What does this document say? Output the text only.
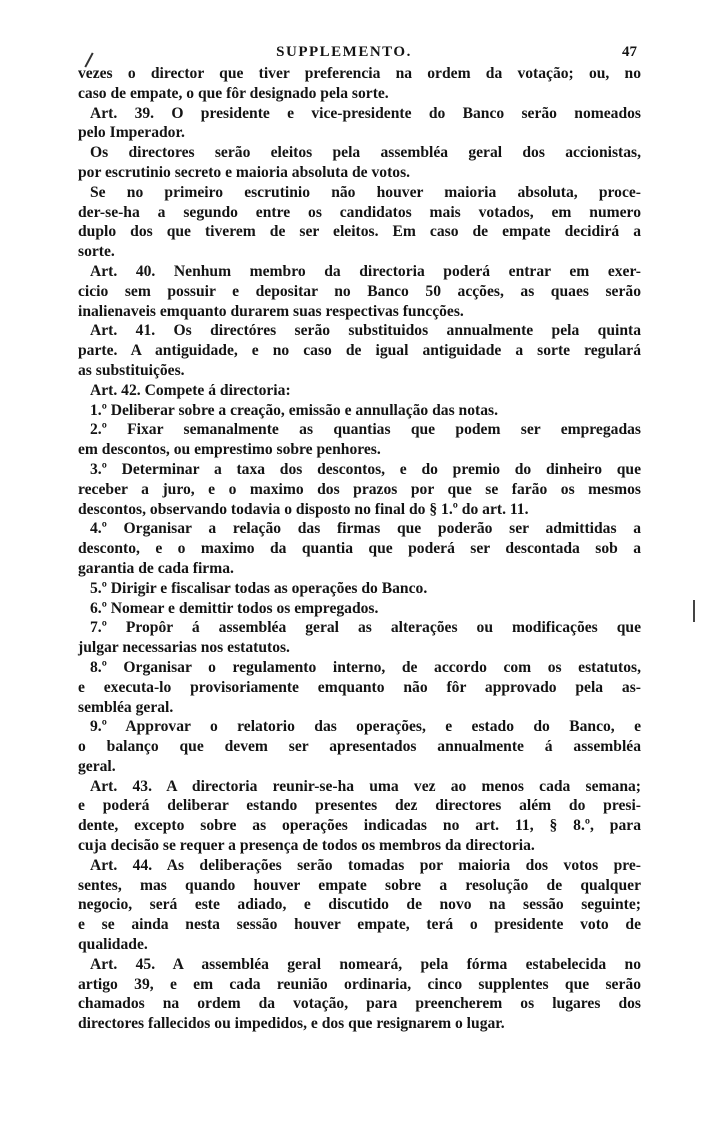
SUPPLEMENTO.	47
vezes o director que tiver preferencia na ordem da votação; ou, no
caso de empate, o que fôr designado pela sorte.
Art. 39. O presidente e vice-presidente do Banco serão nomeados
pelo Imperador.
Os directores serão eleitos pela assembléa geral dos accionistas,
por escrutinio secreto e maioria absoluta de votos.
Se no primeiro escrutinio não houver maioria absoluta, proce-
der-se-ha a segundo entre os candidatos mais votados, em numero
duplo dos que tiverem de ser eleitos. Em caso de empate decidirá a
sorte.
Art. 40. Nenhum membro da directoria poderá entrar em exer-
cicio sem possuir e depositar no Banco 50 acções, as quaes serão
inalienaveis emquanto durarem suas respectivas funcções.
Art. 41. Os directóres serão substituidos annualmente pela quinta
parte. A antiguidade, e no caso de igual antiguidade a sorte regulará
as substituições.
Art. 42. Compete á directoria:
1.º Deliberar sobre a creação, emissão e annullação das notas.
2.º Fixar semanalmente as quantias que podem ser empregadas
em descontos, ou emprestimo sobre penhores.
3.º Determinar a taxa dos descontos, e do premio do dinheiro que
receber a juro, e o maximo dos prazos por que se farão os mesmos
descontos, observando todavia o disposto no final do § 1.º do art. 11.
4.º Organisar a relação das firmas que poderão ser admittidas a
desconto, e o maximo da quantia que poderá ser descontada sob a
garantia de cada firma.
5.º Dirigir e fiscalisar todas as operações do Banco.
6.º Nomear e demittir todos os empregados.
7.º Propôr á assembléa geral as alterações ou modificações que
julgar necessarias nos estatutos.
8.º Organisar o regulamento interno, de accordo com os estatutos,
e executa-lo provisoriamente emquanto não fôr approvado pela as-
sembléa geral.
9.º Approvar o relatorio das operações, e estado do Banco, e
o balanço que devem ser apresentados annualmente á assembléa
geral.
Art. 43. A directoria reunir-se-ha uma vez ao menos cada semana;
e poderá deliberar estando presentes dez directores além do presi-
dente, excepto sobre as operações indicadas no art. 11, § 8.º, para
cuja decisão se requer a presença de todos os membros da directoria.
Art. 44. As deliberações serão tomadas por maioria dos votos pre-
sentes, mas quando houver empate sobre a resolução de qualquer
negocio, será este adiado, e discutido de novo na sessão seguinte;
e se ainda nesta sessão houver empate, terá o presidente voto de
qualidade.
Art. 45. A assembléa geral nomeará, pela fórma estabelecida no
artigo 39, e em cada reunião ordinaria, cinco supplentes que serão
chamados na ordem da votação, para preencherem os lugares dos
directores fallecidos ou impedidos, e dos que resignarem o lugar.
